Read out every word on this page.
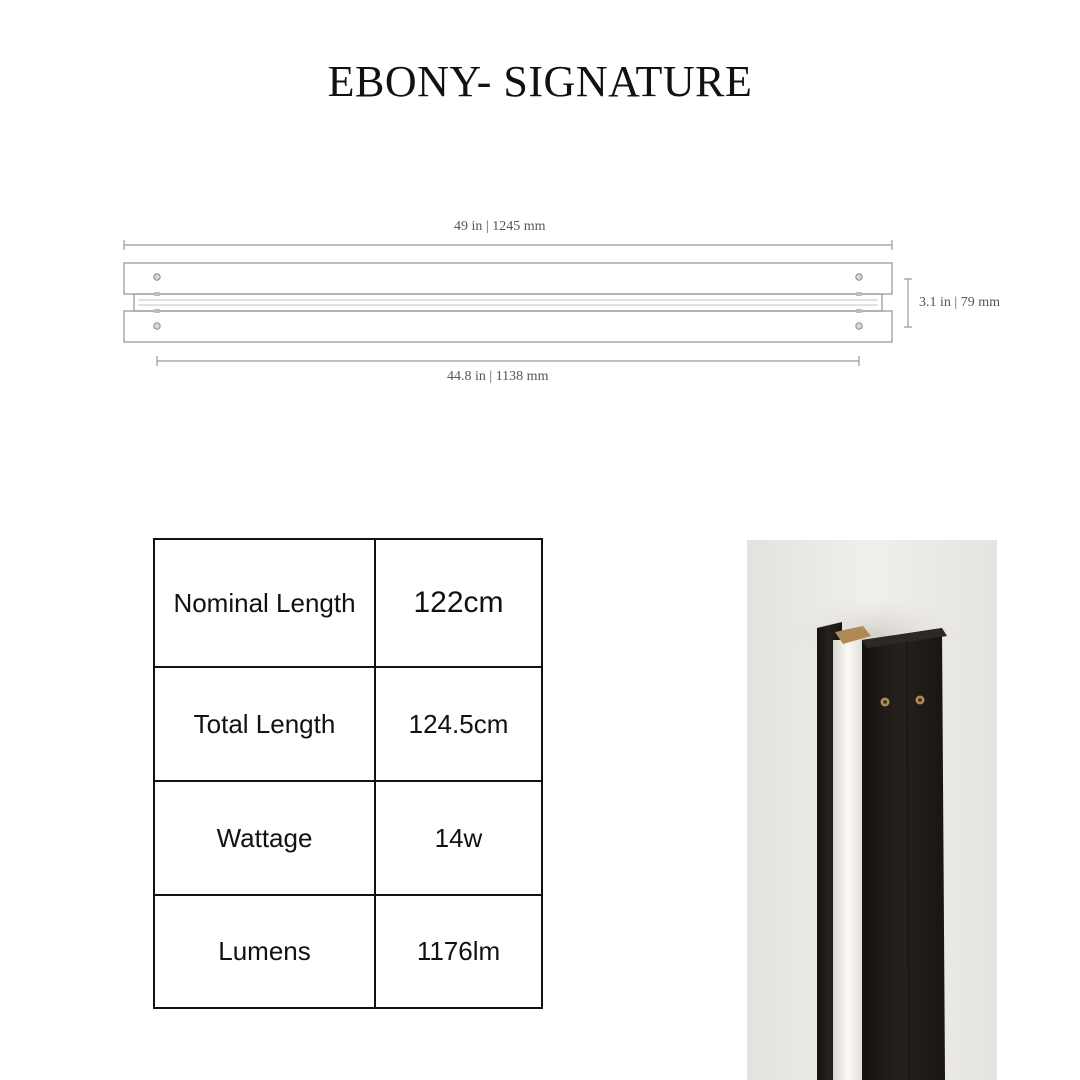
EBONY- SIGNATURE
49 in | 1245 mm
3.1 in | 79 mm
44.8 in | 1138 mm
Nominal Length	122cm
Total Length	124.5cm
Wattage	14w
Lumens	1176lm
